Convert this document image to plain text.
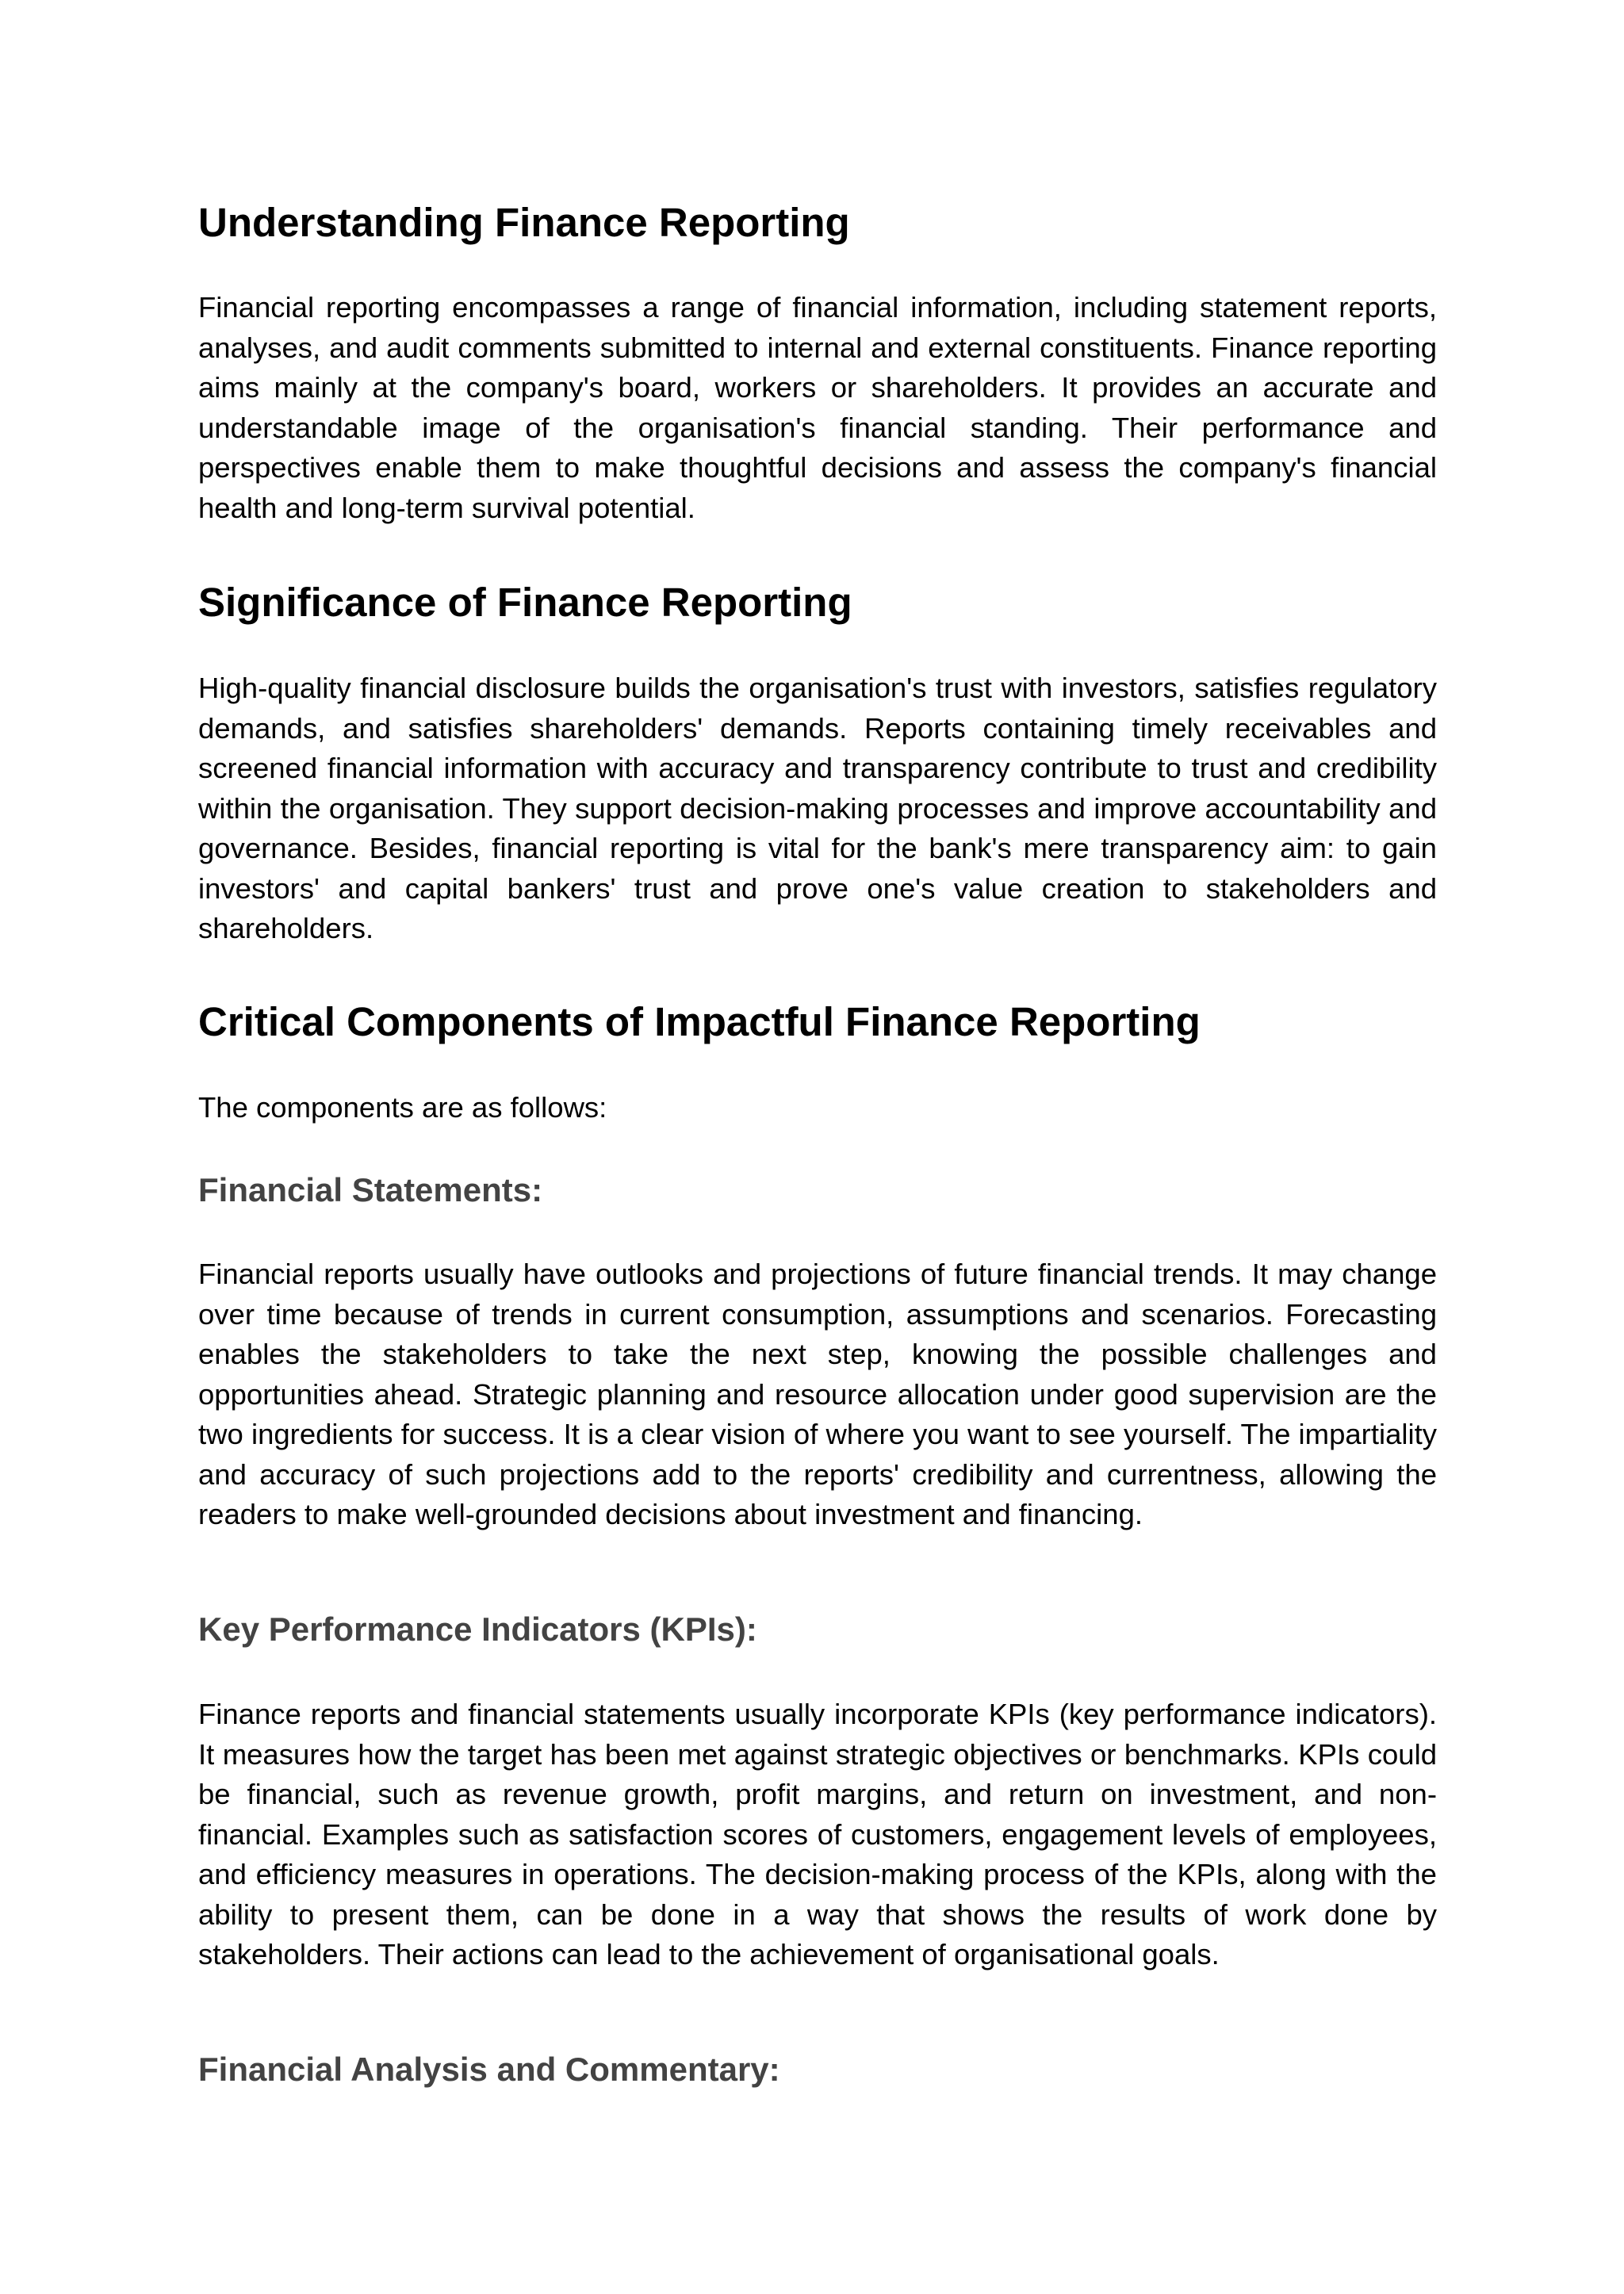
Understanding Finance Reporting

Financial reporting encompasses a range of financial information, including statement reports, analyses, and audit comments submitted to internal and external constituents. Finance reporting aims mainly at the company's board, workers or shareholders. It provides an accurate and understandable image of the organisation's financial standing. Their performance and perspectives enable them to make thoughtful decisions and assess the company's financial health and long-term survival potential.

Significance of Finance Reporting

High-quality financial disclosure builds the organisation's trust with investors, satisfies regulatory demands, and satisfies shareholders' demands. Reports containing timely receivables and screened financial information with accuracy and transparency contribute to trust and credibility within the organisation. They support decision-making processes and improve accountability and governance. Besides, financial reporting is vital for the bank's mere transparency aim: to gain investors' and capital bankers' trust and prove one's value creation to stakeholders and shareholders.

Critical Components of Impactful Finance Reporting

The components are as follows:

Financial Statements:

Financial reports usually have outlooks and projections of future financial trends. It may change over time because of trends in current consumption, assumptions and scenarios. Forecasting enables the stakeholders to take the next step, knowing the possible challenges and opportunities ahead. Strategic planning and resource allocation under good supervision are the two ingredients for success. It is a clear vision of where you want to see yourself. The impartiality and accuracy of such projections add to the reports' credibility and currentness, allowing the readers to make well-grounded decisions about investment and financing.

Key Performance Indicators (KPIs):

Finance reports and financial statements usually incorporate KPIs (key performance indicators). It measures how the target has been met against strategic objectives or benchmarks. KPIs could be financial, such as revenue growth, profit margins, and return on investment, and non-financial. Examples such as satisfaction scores of customers, engagement levels of employees, and efficiency measures in operations. The decision-making process of the KPIs, along with the ability to present them, can be done in a way that shows the results of work done by stakeholders. Their actions can lead to the achievement of organisational goals.

Financial Analysis and Commentary:
